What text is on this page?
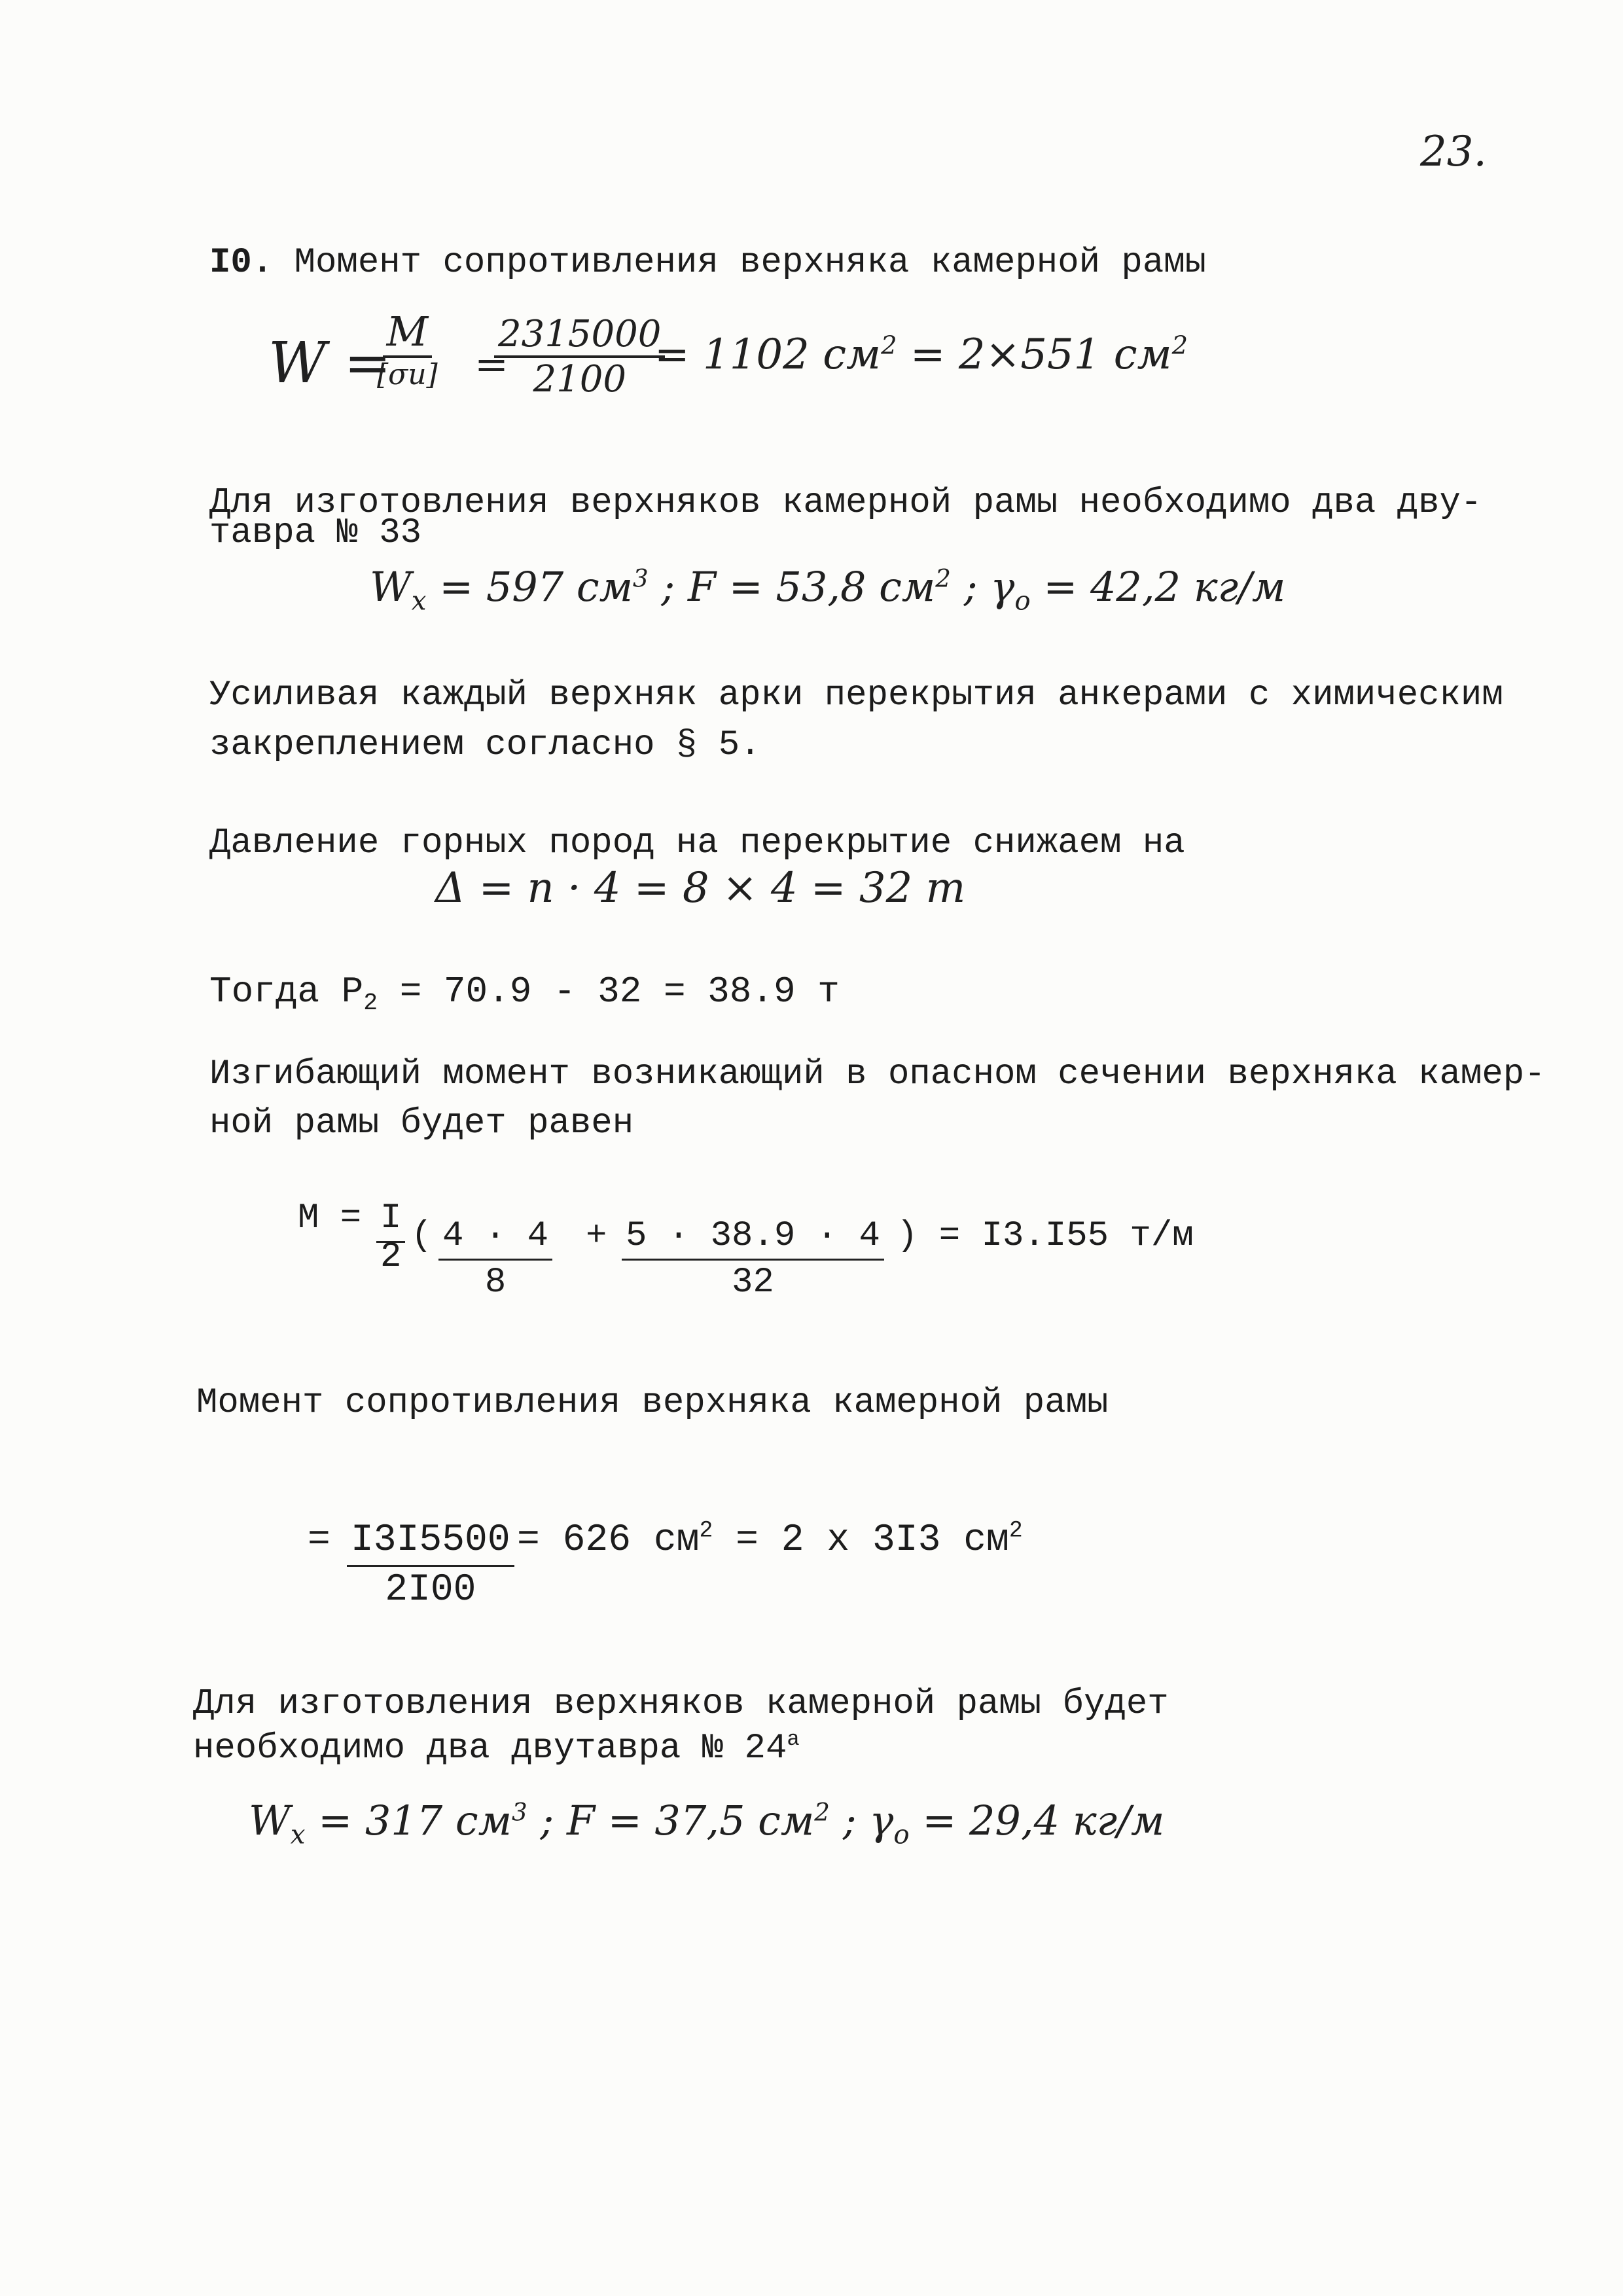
23.
I0. Момент сопротивления верхняка камерной рамы
W =
M
[σи] =
$\frac{2315000}{2100}$
= 1102 $см^2 = 2\times 551$ $см^2$
Для изготовления верхняков камерной рамы необходимо два дву-
тавра № 33
$W_x = 597$ $см^3$ ; F = 53,8 $см^2$ ; $\gamma_o = 42,2$ кг/м
Усиливая каждый верхняк арки перекрытия анкерами с химическим
закреплением согласно § 5.
Давление горных пород на перекрытие снижаем на
Δ = n · 4 = 8 × 4 = 32 т
Тогда $P_2 = 70.9 - 32 = 38.9$ т
Изгибающий момент возникающий в опасном сечении верхняка камер-
ной рамы будет равен
$M = \frac{I}{2}$ ( $\frac{4 \cdot 4}{8} + \frac{5 \cdot 38.9 \cdot 4}{32}$ ) = I3.I55 т/м
Момент сопротивления верхняка камерной рамы
= $\frac{I3I5500}{2I00} = 626$ $см^2 = 2$ x 3I3 $см^2$
Для изготовления верхняков камерной рамы будет
необходимо два двутавра № $24^а$
$W_x = 317$ $см^3$ ; F = 37,5 $см^2$ ; $\gamma_o = 29,4$ кг/м
